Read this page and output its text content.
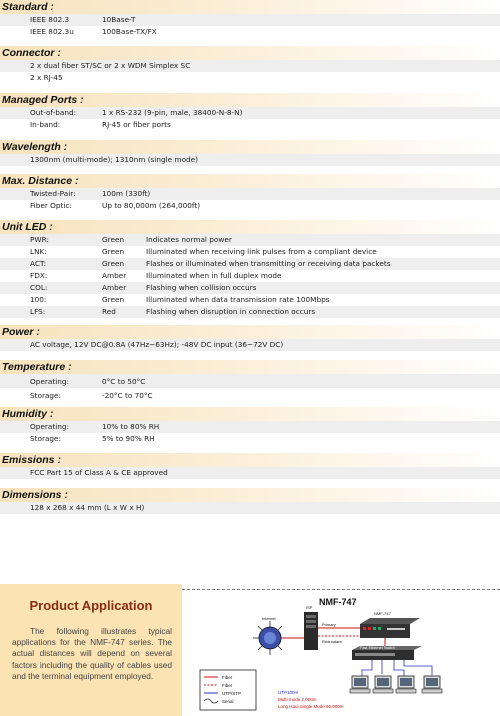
Standard :
IEEE 802.3	10Base-T
IEEE 802.3u	100Base-TX/FX
Connector :
2 x dual fiber ST/SC or 2 x WDM Simplex SC
2 x RJ-45
Managed Ports :
Out-of-band:	1 x RS-232 (9-pin, male, 38400-N-8-N)
In-band:	RJ-45 or fiber ports
Wavelength :
1300nm (multi-mode); 1310nm (single mode)
Max. Distance :
Twisted-Pair:	100m (330ft)
Fiber Optic:	Up to 80,000m (264,000ft)
Unit LED :
PWR:	Green	Indicates normal power
LNK:	Green	Illuminated when receiving link pulses from a compliant device
ACT:	Green	Flashes or illuminated when transmitting or receiving data packets
FDX:	Amber	Illuminated when in full duplex mode
COL:	Amber	Flashing when collision occurs
100:	Green	Illuminated when data transmission rate 100Mbps
LFS:	Red	Flashing when disruption in connection occurs
Power :
AC voltage, 12V DC@0.8A (47Hz~63Hz); -48V DC input (36~72V DC)
Temperature :
Operating:	0°C to 50°C
Storage:	-20°C to 70°C
Humidity :
Operating:	10% to 80% RH
Storage:	5% to 90% RH
Emissions :
FCC Part 15 of Class A & CE approved
Dimensions :
128 x 268 x 44 mm (L x W x H)
Product Application
The following illustrates typical applications for the NMF-747 series. The actual distances will depend on several factors including the quality of cables used and the terminal equipment employed.
NMF-747
Internet
ISP
Primary
Redundant
NMF-747
Fast Ethernet Switch
Fiber
Fiber
UTP/STP
Serial
UTP100m
Multi-mode 2,000m
Long Haul Single Mode 60,000m
